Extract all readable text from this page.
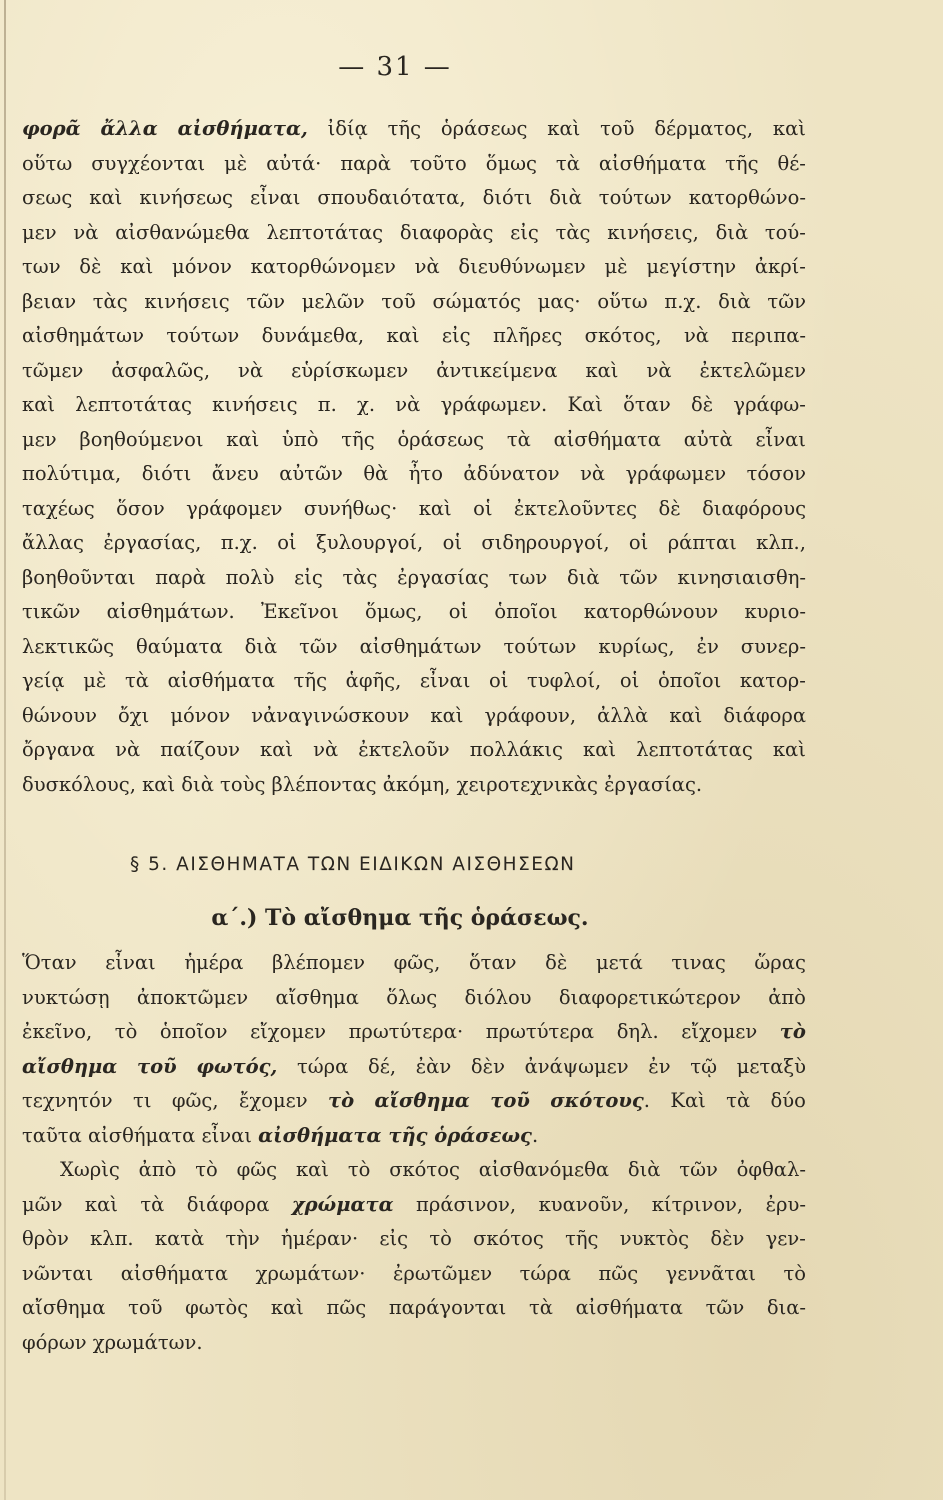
— 31 —
φορᾶ ἄλλα αἰσθήματα, ἰδίᾳ τῆς ὁράσεως καὶ τοῦ δέρματος, καὶ
οὕτω συγχέονται μὲ αὐτά· παρὰ τοῦτο ὅμως τὰ αἰσθήματα τῆς θέ-
σεως καὶ κινήσεως εἶναι σπουδαιότατα, διότι διὰ τούτων κατορθώνο-
μεν νὰ αἰσθανώμεθα λεπτοτάτας διαφορὰς εἰς τὰς κινήσεις, διὰ τού-
των δὲ καὶ μόνον κατορθώνομεν νὰ διευθύνωμεν μὲ μεγίστην ἀκρί-
βειαν τὰς κινήσεις τῶν μελῶν τοῦ σώματός μας· οὕτω π.χ. διὰ τῶν
αἰσθημάτων τούτων δυνάμεθα, καὶ εἰς πλῆρες σκότος, νὰ περιπα-
τῶμεν ἀσφαλῶς, νὰ εὑρίσκωμεν ἀντικείμενα καὶ νὰ ἐκτελῶμεν
καὶ λεπτοτάτας κινήσεις π. χ. νὰ γράφωμεν. Καὶ ὅταν δὲ γράφω-
μεν βοηθούμενοι καὶ ὑπὸ τῆς ὁράσεως τὰ αἰσθήματα αὐτὰ εἶναι
πολύτιμα, διότι ἄνευ αὐτῶν θὰ ἦτο ἀδύνατον νὰ γράφωμεν τόσον
ταχέως ὅσον γράφομεν συνήθως· καὶ οἱ ἐκτελοῦντες δὲ διαφόρους
ἄλλας ἐργασίας, π.χ. οἱ ξυλουργοί, οἱ σιδηρουργοί, οἱ ράπται κλπ.,
βοηθοῦνται παρὰ πολὺ εἰς τὰς ἐργασίας των διὰ τῶν κινησιαισθη-
τικῶν αἰσθημάτων. Ἐκεῖνοι ὅμως, οἱ ὁποῖοι κατορθώνουν κυριο-
λεκτικῶς θαύματα διὰ τῶν αἰσθημάτων τούτων κυρίως, ἐν συνερ-
γείᾳ μὲ τὰ αἰσθήματα τῆς ἁφῆς, εἶναι οἱ τυφλοί, οἱ ὁποῖοι κατορ-
θώνουν ὄχι μόνον νἀναγινώσκουν καὶ γράφουν, ἀλλὰ καὶ διάφορα
ὄργανα νὰ παίζουν καὶ νὰ ἐκτελοῦν πολλάκις καὶ λεπτοτάτας καὶ
δυσκόλους, καὶ διὰ τοὺς βλέποντας ἀκόμη, χειροτεχνικὰς ἐργασίας.
§ 5. ΑΙΣΘΗΜΑΤΑ ΤΩΝ ΕΙΔΙΚΩΝ ΑΙΣΘΗΣΕΩΝ
α΄.) Τὸ αἴσθημα τῆς ὁράσεως.
Ὅταν εἶναι ἡμέρα βλέπομεν φῶς, ὅταν δὲ μετά τινας ὥρας
νυκτώσῃ ἀποκτῶμεν αἴσθημα ὅλως διόλου διαφορετικώτερον ἀπὸ
ἐκεῖνο, τὸ ὁποῖον εἴχομεν πρωτύτερα· πρωτύτερα δηλ. εἴχομεν τὸ
αἴσθημα τοῦ φωτός, τώρα δέ, ἐὰν δὲν ἀνάψωμεν ἐν τῷ μεταξὺ
τεχνητόν τι φῶς, ἔχομεν τὸ αἴσθημα τοῦ σκότους. Καὶ τὰ δύο
ταῦτα αἰσθήματα εἶναι αἰσθήματα τῆς ὁράσεως .
Χωρὶς ἀπὸ τὸ φῶς καὶ τὸ σκότος αἰσθανόμεθα διὰ τῶν ὀφθαλ-
μῶν καὶ τὰ διάφορα χρώματα πράσινον, κυανοῦν, κίτρινον, ἐρυ-
θρὸν κλπ. κατὰ τὴν ἡμέραν· εἰς τὸ σκότος τῆς νυκτὸς δὲν γεν-
νῶνται αἰσθήματα χρωμάτων· ἐρωτῶμεν τώρα πῶς γεννᾶται τὸ
αἴσθημα τοῦ φωτὸς καὶ πῶς παράγονται τὰ αἰσθήματα τῶν δια-
φόρων χρωμάτων.
